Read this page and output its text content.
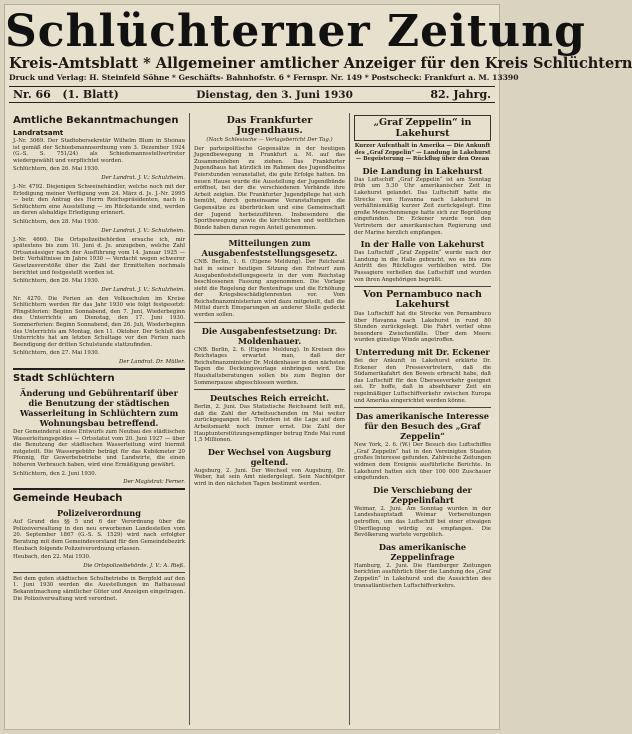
Schlüchterner Zeitung
Kreis-Amtsblatt * Allgemeiner amtlicher Anzeiger für den Kreis Schlüchtern
Druck und Verlag: H. Steinfeld Söhne * Geschäfts- Bahnhofstr. 6 * Fernspr. Nr. 149 * Postscheck: Frankfurt a. M. 13390
Nr. 66 (1. Blatt)	Dienstag, den 3. Juni 1930	82. Jahrg.
Amtliche Bekanntmachungen
Landratsamt

J.-Nr. 3069. Der Stadtobersekretär Wilhelm Blum in Steinau ist gemäß der Schiedsmannsordnung vom 3. Dezember 1924 (G.-S. S. 751/24) als Schiedsmannsstellvertreter wiedergewählt und verpflichtet worden.

Schlüchtern, den 26. Mai 1930.

Der Landrat. J. V.: Schulzheim.

J.-Nr. 4792. Diejenigen Schweinehändler, welche noch mit der Erledigung meiner Verfügung vom 24. März d. Js. J.-Nr. 2995 — betr. den Antrag des Herrn Reichspräsidenten, nach in Schlüchtern eine Ausstellung — im Rückstande sind, werden an deren alsbaldige Erledigung erinnert.

Schlüchtern, den 28. Mai 1930.

Der Landrat. J. V.: Schulzheim.

J.-Nr. 4660. Die Ortspolizeibehörden ersuche ich, mir spätestens bis zum 10. Juni d. Js. anzugeben, welche Zahl Ortsansässiger nach der Ausführung vom 14. Januar 1925 — betr. Verhältnisse im Jahre 1930 — Verdacht wegen schwerer Gesetzesverstöße über die Zahl der Ermittelten nochmals berichtet und festgestellt worden ist.

Schlüchtern, den 26. Mai 1930.

Der Landrat. J. V.: Schulzheim.

Nr. 4270. Die Ferien an den Volksschulen im Kreise Schlüchtern werden für das Jahr 1930 wie folgt festgesetzt: Pfingstferien: Beginn Sonnabend, den 7. Juni, Wiederbeginn des Unterrichts am Dienstag, den 17. Juni 1930. Sommerferien: Beginn Sonnabend, den 26. Juli, Wiederbeginn des Unterrichts am Montag, den 11. Oktober. Der Schluß des Unterrichts hat am letzten Schultage vor den Ferien nach Beendigung der dritten Schulstunde stattzufinden.

Schlüchtern, den 27. Mai 1930.

Der Landrat. Dr. Müller.
Stadt Schlüchtern
Änderung und Gebührentarif über die Benutzung der städtischen Wasserleitung in Schlüchtern zum Wohnungsbau betreffend.

Der Gemeinderat eines Entwurfs zum Neubau des städtischen Wasserleitungsgeldes — Ortsstatut vom 20. Juni 1927 — über die Benutzung der städtischen Wasserleitung wird hiermit mitgeteilt. Die Wassergebühr beträgt für das Kubikmeter 20 Pfennig, für Gewerbebetriebe und Landwirte, die einen höheren Verbrauch haben, wird eine Ermäßigung gewährt.

Schlüchtern, den 2. Juni 1930.

Der Magistrat: Ferner.
Gemeinde Heubach
Polizeiverordnung

Auf Grund des §§ 5 und 6 der Verordnung über die Polizeiverwaltung in den neu erworbenen Landesteilen vom 20. September 1867 (G.-S. S. 1529) wird nach erfolgter Beratung mit dem Gemeindevorstand für den Gemeindebezirk Heubach folgende Polizeiverordnung erlassen.

Heubach, den 22. Mai 1930.

Die Ortspolizeibehörde. J. V.: A. Rieß.

Bei dem guten städtischen Schulbetriebe in Bergfeld auf den 1. Juni 1930 werden die Ausstellungen im Rathausaal Bekanntmachung sämtlicher Güter und Anzeigen eingetragen. Die Polizeiverwaltung wird verordnet.

Das Frankfurter Jugendhaus.

(Nach Schlesische — Verlagsbericht Der Tag.)

Der parteipolitische Gegensätze in der heutigen Jugendbewegung in Frankfurt a. M. auf das Zusammenleben zu ziehen. Das Frankfurter Jugendhaus hat kürzlich im Rahmen des Jugendheims Feierstunden veranstaltet, die gute Erfolge hatten. Im neuen Hause wurde die Ausstellung der Jugendbünde eröffnet, bei der die verschiedenen Verbände ihre Arbeit zeigten. Die Frankfurter Jugendpflege hat sich bemüht, durch gemeinsame Veranstaltungen die Gegensätze zu überbrücken und eine Gemeinschaft der Jugend herbeizuführen. Insbesondere die Sportbewegung sowie die kirchlichen und weltlichen Bünde haben daran regen Anteil genommen.

Mitteilungen zum Ausgabenfeststellungsgesetz.

CNB. Berlin, 1. 6. (Eigene Meldung). Der Reichsrat hat in seiner heutigen Sitzung den Entwurf zum Ausgabenfeststellungsgesetz in der vom Reichstag beschlossenen Fassung angenommen. Die Vorlage sieht die Regelung der Rentenfrage und die Erhöhung der Kriegsbeschädigtenrenten vor. Vom Reichsfinanzministerium wird dazu mitgeteilt, daß die Mittel durch Einsparungen an anderer Stelle gedeckt werden sollen.

Die Ausgabenfestsetzung: Dr. Moldenhauer.

CNB. Berlin, 2. 6. (Eigene Meldung). In Kreisen des Reichstages erwartet man, daß der Reichsfinanzminister Dr. Moldenhauer in den nächsten Tagen die Deckungsvorlage einbringen wird. Die Haushaltsberatungen sollen bis zum Beginn der Sommerpause abgeschlossen werden.

Deutsches Reich erreicht.

Berlin, 2. Juni. Das Statistische Reichsamt teilt mit, daß die Zahl der Arbeitsuchenden im Mai weiter zurückgegangen ist. Trotzdem ist die Lage auf dem Arbeitsmarkt noch immer ernst. Die Zahl der Hauptunterstützungsempfänger betrug Ende Mai rund 1,5 Millionen.

Der Wechsel von Augsburg geltend.

Augsburg, 2. Juni. Der Wechsel von Augsburg, Dr. Weber, hat sein Amt niedergelegt. Sein Nachfolger wird in den nächsten Tagen bestimmt werden.

„Graf Zeppelin“ in Lakehurst

Kurzer Aufenthalt in Amerika — Die Ankunft des „Graf Zeppelin“ — Landung in Lakehurst — Begeisterung — Rückflug über den Ozean

Die Landung in Lakehurst

Das Luftschiff „Graf Zeppelin“ ist am Sonntag früh um 5.30 Uhr amerikanischer Zeit in Lakehurst gelandet. Das Luftschiff hatte die Strecke von Havanna nach Lakehurst in verhältnismäßig kurzer Zeit zurückgelegt. Eine große Menschenmenge hatte sich zur Begrüßung eingefunden. Dr. Eckener wurde von den Vertretern der amerikanischen Regierung und der Marine herzlich empfangen.

In der Halle von Lakehurst

Das Luftschiff „Graf Zeppelin“ wurde nach der Landung in die Halle gebracht, wo es bis zum Antritt des Rückfluges verbleiben wird. Die Passagiere verließen das Luftschiff und wurden von ihren Angehörigen begrüßt.

Von Pernambuco nach Lakehurst

Das Luftschiff hat die Strecke von Pernambuco über Havanna nach Lakehurst in rund 80 Stunden zurückgelegt. Die Fahrt verlief ohne besondere Zwischenfälle. Über dem Meere wurden günstige Winde angetroffen.

Unterredung mit Dr. Eckener

Bei der Ankunft in Lakehurst erklärte Dr. Eckener den Pressevertretern, daß die Südamerikafahrt den Beweis erbracht habe, daß das Luftschiff für den Überseeverkehr geeignet sei. Er hoffe, daß in absehbarer Zeit ein regelmäßiger Luftschiffverkehr zwischen Europa und Amerika eingerichtet werden könne.

Das amerikanische Interesse für den Besuch des „Graf Zeppelin“

New York, 2. 6. (W.) Der Besuch des Luftschiffes „Graf Zeppelin“ hat in den Vereinigten Staaten großes Interesse gefunden. Zahlreiche Zeitungen widmen dem Ereignis ausführliche Berichte. In Lakehurst hatten sich über 100 000 Zuschauer eingefunden.

Die Verschiebung der Zeppelinfahrt

Weimar, 2. Juni. Am Sonntag wurden in der Landeshauptstadt Weimar Vorbereitungen getroffen, um das Luftschiff bei einer etwaigen Überfliegung würdig zu empfangen. Die Bevölkerung wartete vergeblich.

Das amerikanische Zeppelinfrage

Hamburg, 2. Juni. Die Hamburger Zeitungen berichten ausführlich über die Landung des „Graf Zeppelin“ in Lakehurst und die Aussichten des transatlantischen Luftschiffverkehrs.
